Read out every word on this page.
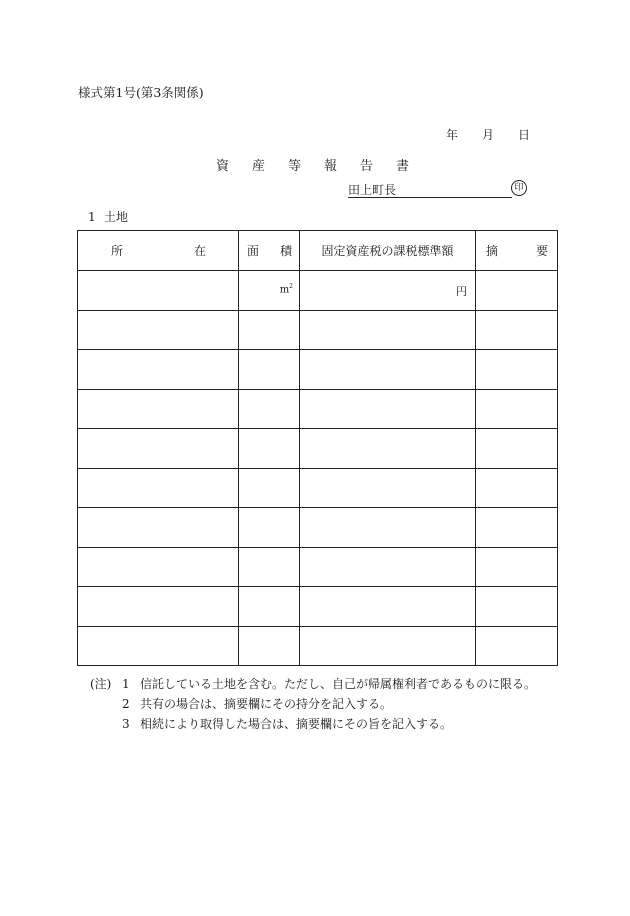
様式第1号(第3条関係)
年 月 日
資 産 等 報 告 書
田上町長	印
1 土地
所 在	面 積	固定資産税の課税標準額	摘 要

	$m^2$	円	

(注) 1 信託している土地を含む。ただし、自己が帰属権利者であるものに限る。
2 共有の場合は、摘要欄にその持分を記入する。
3 相続により取得した場合は、摘要欄にその旨を記入する。
